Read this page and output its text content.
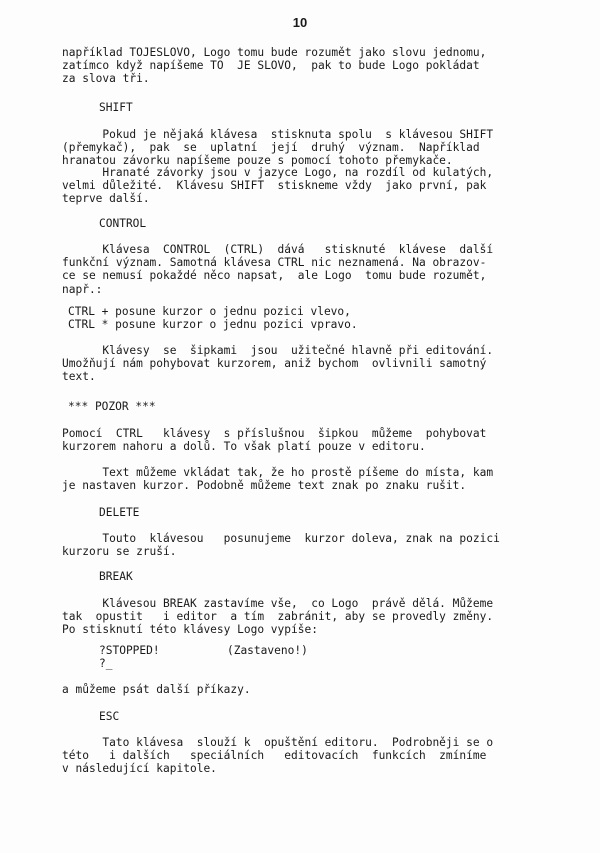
10
například TOJESLOVO, Logo tomu bude rozumět jako slovu jednomu,
zatímco když napíšeme TO  JE SLOVO,  pak to bude Logo pokládat
za slova tři.
SHIFT
Pokud je nějaká klávesa  stisknuta spolu  s klávesou SHIFT
(přemykač),  pak  se  uplatní  její  druhý  význam.  Například
hranatou závorku napíšeme pouze s pomocí tohoto přemykače.
Hranaté závorky jsou v jazyce Logo, na rozdíl od kulatých,
velmi důležité.  Klávesu SHIFT  stiskneme vždy  jako první, pak
teprve další.
CONTROL
Klávesa  CONTROL  (CTRL)  dává   stisknuté  klávese  další
funkční význam. Samotná klávesa CTRL nic neznamená. Na obrazov-
ce se nemusí pokaždé něco napsat,  ale Logo  tomu bude rozumět,
např.:
CTRL + posune kurzor o jednu pozici vlevo,
CTRL * posune kurzor o jednu pozici vpravo.
Klávesy  se  šipkami  jsou  užitečné hlavně při editování.
Umožňují nám pohybovat kurzorem, aniž bychom  ovlivnili samotný
text.
*** POZOR ***
Pomocí  CTRL   klávesy  s příslušnou  šipkou  můžeme  pohybovat
kurzorem nahoru a dolů. To však platí pouze v editoru.
Text můžeme vkládat tak, že ho prostě píšeme do místa, kam
je nastaven kurzor. Podobně můžeme text znak po znaku rušit.
DELETE
Touto  klávesou   posunujeme  kurzor doleva, znak na pozici
kurzoru se zruší.
BREAK
Klávesou BREAK zastavíme vše,  co Logo  právě dělá. Můžeme
tak  opustit   i editor  a tím  zabránit, aby se provedly změny.
Po stisknutí této klávesy Logo vypíše:
?STOPPED!          (Zastaveno!)
?_
a můžeme psát další příkazy.
ESC
Tato klávesa  slouží k  opuštění editoru.  Podrobněji se o
této   i dalších   speciálních   editovacích  funkcích  zmíníme
v následující kapitole.
